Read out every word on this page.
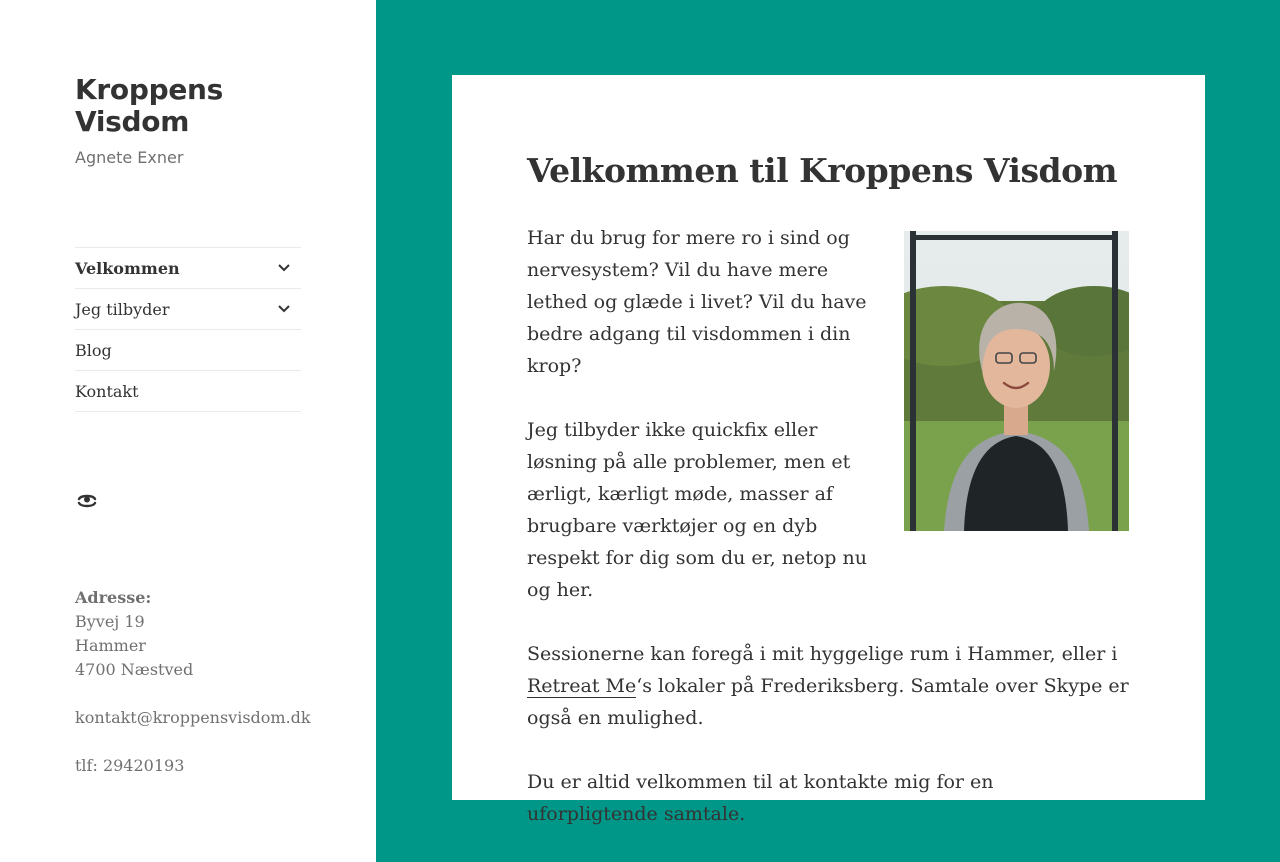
Kroppens Visdom
Agnete Exner
Velkommen
Jeg tilbyder
Blog
Kontakt
Adresse:
Byvej 19
Hammer
4700 Næstved
kontakt@kroppensvisdom.dk
tlf: 29420193
Velkommen til Kroppens Visdom

Har du brug for mere ro i sind og nervesystem? Vil du have mere lethed og glæde i livet? Vil du have bedre adgang til visdommen i din krop?

Jeg tilbyder ikke quickfix eller løsning på alle problemer, men et ærligt, kærligt møde, masser af brugbare værktøjer og en dyb respekt for dig som du er, netop nu og her.

Sessionerne kan foregå i mit hyggelige rum i Hammer, eller i
Retreat Me‘s lokaler på Frederiksberg. Samtale over Skype er også en mulighed.

Du er altid velkommen til at kontakte mig for en uforpligtende samtale.
